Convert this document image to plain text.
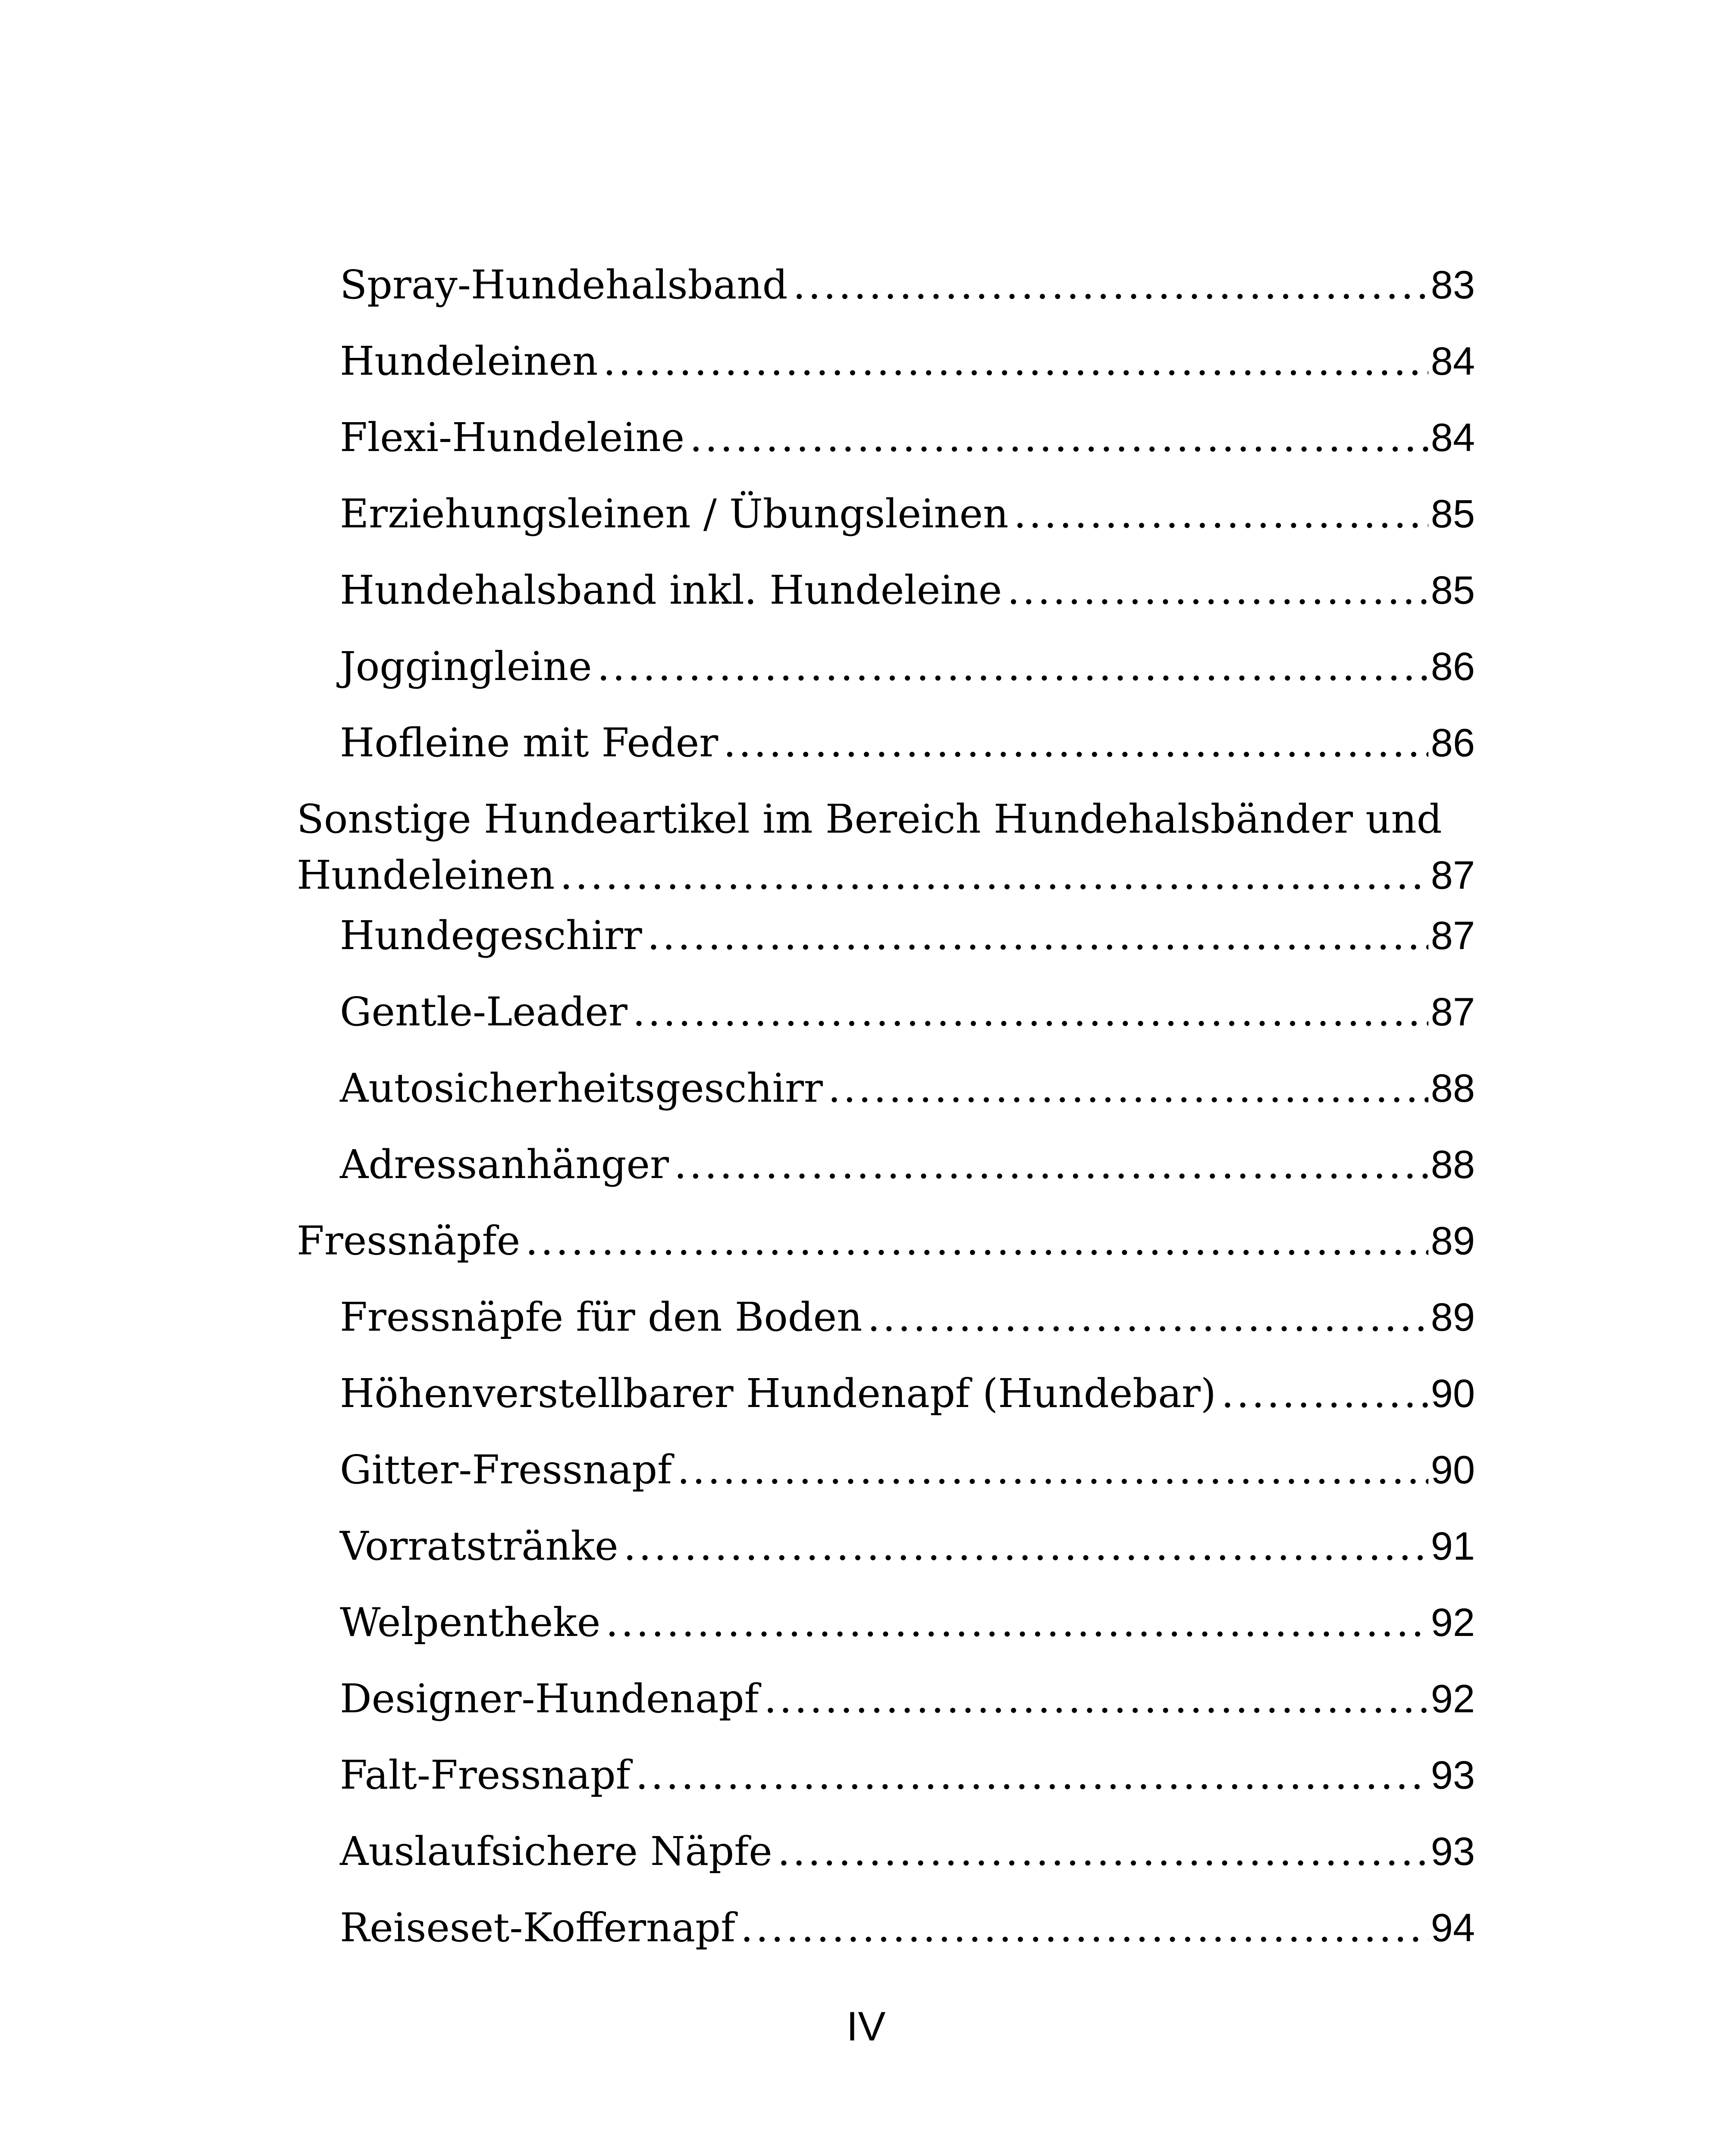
Spray-Hundehalsband .....	83
Hundeleinen .....	84
Flexi-Hundeleine .....	84
Erziehungsleinen / Übungsleinen .....	85
Hundehalsband inkl. Hundeleine .....	85
Joggingleine .....	86
Hofleine mit Feder .....	86
Sonstige Hundeartikel im Bereich Hundehalsbänder und
Hundeleinen .....	87
Hundegeschirr .....	87
Gentle-Leader .....	87
Autosicherheitsgeschirr .....	88
Adressanhänger .....	88
Fressnäpfe .....	89
Fressnäpfe für den Boden .....	89
Höhenverstellbarer Hundenapf (Hundebar) .....	90
Gitter-Fressnapf .....	90
Vorratstränke .....	91
Welpentheke .....	92
Designer-Hundenapf .....	92
Falt-Fressnapf .....	93
Auslaufsichere Näpfe .....	93
Reiseset-Koffernapf .....	94
IV
